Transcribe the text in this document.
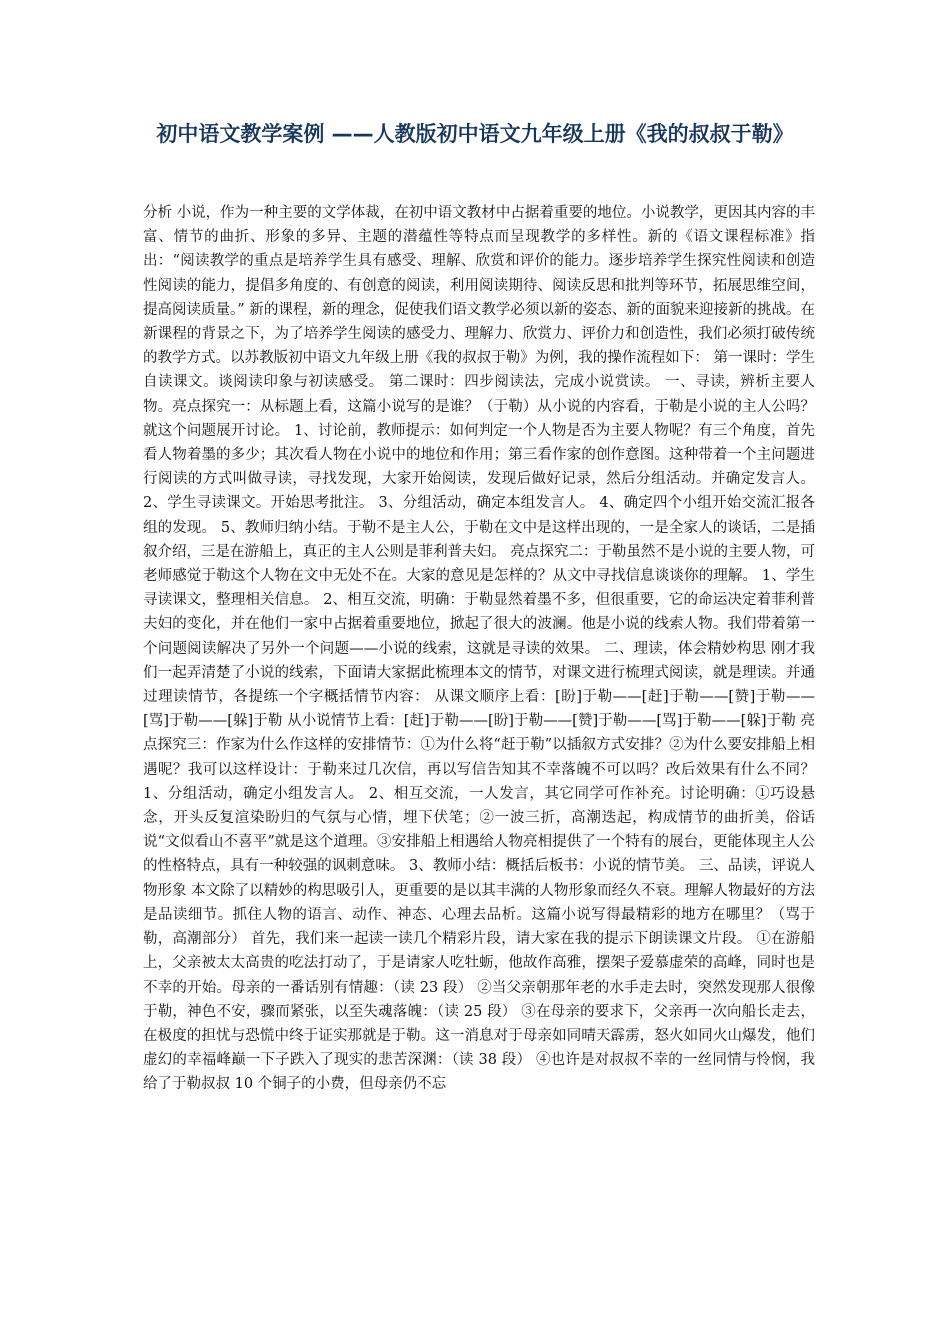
初中语文教学案例 ——人教版初中语文九年级上册《我的叔叔于勒》

分析 小说，作为一种主要的文学体裁，在初中语文教材中占据着重要的地位。小说教学，更因其内容的丰富、情节的曲折、形象的多异、主题的潜蕴性等特点而呈现教学的多样性。新的《语文课程标准》指出：“阅读教学的重点是培养学生具有感受、理解、欣赏和评价的能力。逐步培养学生探究性阅读和创造性阅读的能力，提倡多角度的、有创意的阅读，利用阅读期待、阅读反思和批判等环节，拓展思维空间，提高阅读质量。” 新的课程，新的理念，促使我们语文教学必须以新的姿态、新的面貌来迎接新的挑战。在新课程的背景之下，为了培养学生阅读的感受力、理解力、欣赏力、评价力和创造性，我们必须打破传统的教学方式。以苏教版初中语文九年级上册《我的叔叔于勒》为例，我的操作流程如下： 第一课时：学生自读课文。谈阅读印象与初读感受。 第二课时：四步阅读法，完成小说赏读。 一、寻读，辨析主要人物。亮点探究一：从标题上看，这篇小说写的是谁？（于勒）从小说的内容看，于勒是小说的主人公吗？就这个问题展开讨论。 1、讨论前，教师提示：如何判定一个人物是否为主要人物呢？有三个角度，首先看人物着墨的多少；其次看人物在小说中的地位和作用；第三看作家的创作意图。这种带着一个主问题进行阅读的方式叫做寻读，寻找发现，大家开始阅读，发现后做好记录，然后分组活动。并确定发言人。 2、学生寻读课文。开始思考批注。 3、分组活动，确定本组发言人。 4、确定四个小组开始交流汇报各组的发现。 5、教师归纳小结。于勒不是主人公，于勒在文中是这样出现的，一是全家人的谈话，二是插叙介绍，三是在游船上，真正的主人公则是菲利普夫妇。 亮点探究二：于勒虽然不是小说的主要人物，可老师感觉于勒这个人物在文中无处不在。大家的意见是怎样的？从文中寻找信息谈谈你的理解。 1、学生寻读课文，整理相关信息。 2、相互交流，明确：于勒显然着墨不多，但很重要，它的命运决定着菲利普夫妇的变化，并在他们一家中占据着重要地位，掀起了很大的波澜。他是小说的线索人物。我们带着第一个问题阅读解决了另外一个问题——小说的线索，这就是寻读的效果。 二、理读，体会精妙构思 刚才我们一起弄清楚了小说的线索，下面请大家据此梳理本文的情节，对课文进行梳理式阅读，就是理读。并通过理读情节，各提练一个字概括情节内容： 从课文顺序上看：[盼]于勒——[赶]于勒——[赞]于勒——[骂]于勒——[躲]于勒 从小说情节上看：[赶]于勒——[盼]于勒——[赞]于勒——[骂]于勒——[躲]于勒 亮点探究三：作家为什么作这样的安排情节：①为什么将“赶于勒”以插叙方式安排？②为什么要安排船上相遇呢？我可以这样设计：于勒来过几次信，再以写信告知其不幸落魄不可以吗？改后效果有什么不同？ 1、分组活动，确定小组发言人。 2、相互交流，一人发言，其它同学可作补充。讨论明确：①巧设悬念，开头反复渲染盼归的气氛与心情，埋下伏笔；②一波三折，高潮迭起，构成情节的曲折美，俗话说“文似看山不喜平”就是这个道理。③安排船上相遇给人物亮相提供了一个特有的展台，更能体现主人公的性格特点，具有一种较强的讽刺意味。 3、教师小结：概括后板书：小说的情节美。 三、品读，评说人物形象 本文除了以精妙的构思吸引人，更重要的是以其丰满的人物形象而经久不衰。理解人物最好的方法是品读细节。抓住人物的语言、动作、神态、心理去品析。这篇小说写得最精彩的地方在哪里？（骂于勒，高潮部分） 首先，我们来一起读一读几个精彩片段，请大家在我的提示下朗读课文片段。 ①在游船上，父亲被太太高贵的吃法打动了，于是请家人吃牡蛎，他故作高雅，摆架子爱慕虚荣的高峰，同时也是不幸的开始。母亲的一番话别有情趣：（读 23 段） ②当父亲朝那年老的水手走去时，突然发现那人很像于勒，神色不安，骤而紧张，以至失魂落魄：（读 25 段） ③在母亲的要求下，父亲再一次向船长走去，在极度的担忧与恐慌中终于证实那就是于勒。这一消息对于母亲如同晴天霹雳，怒火如同火山爆发，他们虚幻的幸福峰巅一下子跌入了现实的悲苦深渊：（读 38 段） ④也许是对叔叔不幸的一丝同情与怜悯，我给了于勒叔叔 10 个铜子的小费，但母亲仍不忘
